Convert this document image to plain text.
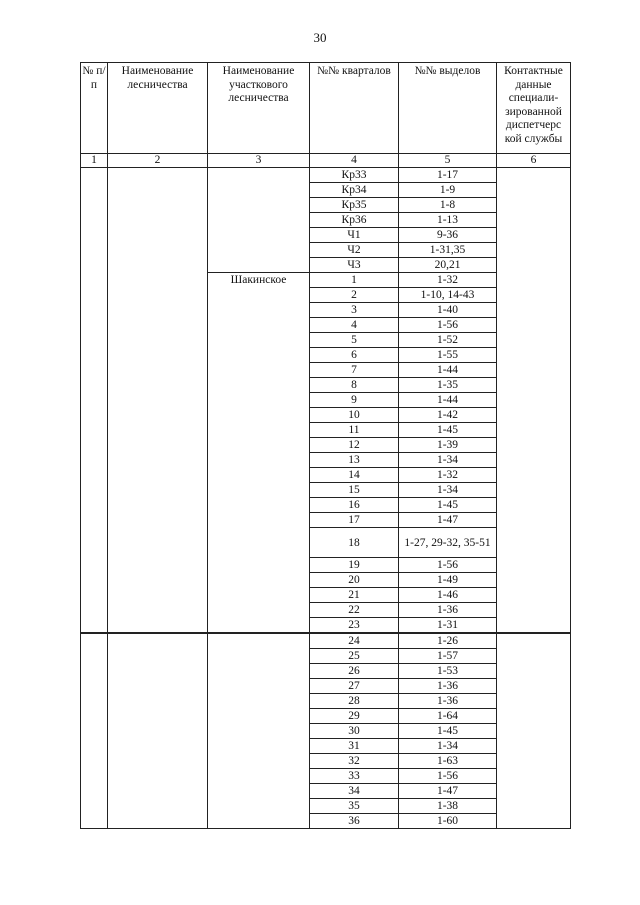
30
№ п/п	Наименование лесничества	Наименование участкового лесничества	№№ кварталов	№№ выделов	Контактные данные специали-зированной диспетчерс кой службы
1	2	3	4	5	6
			Кр33	1-17	
			Кр34	1-9	
			Кр35	1-8	
			Кр36	1-13	
			Ч1	9-36	
			Ч2	1-31,35	
			Ч3	20,21	
		Шакинское	1	1-32	
			2	1-10, 14-43	
			3	1-40	
			4	1-56	
			5	1-52	
			6	1-55	
			7	1-44	
			8	1-35	
			9	1-44	
			10	1-42	
			11	1-45	
			12	1-39	
			13	1-34	
			14	1-32	
			15	1-34	
			16	1-45	
			17	1-47	
			18	1-27, 29-32, 35-51	
			19	1-56	
			20	1-49	
			21	1-46	
			22	1-36	
			23	1-31	
			24	1-26	
			25	1-57	
			26	1-53	
			27	1-36	
			28	1-36	
			29	1-64	
			30	1-45	
			31	1-34	
			32	1-63	
			33	1-56	
			34	1-47	
			35	1-38	
			36	1-60	
